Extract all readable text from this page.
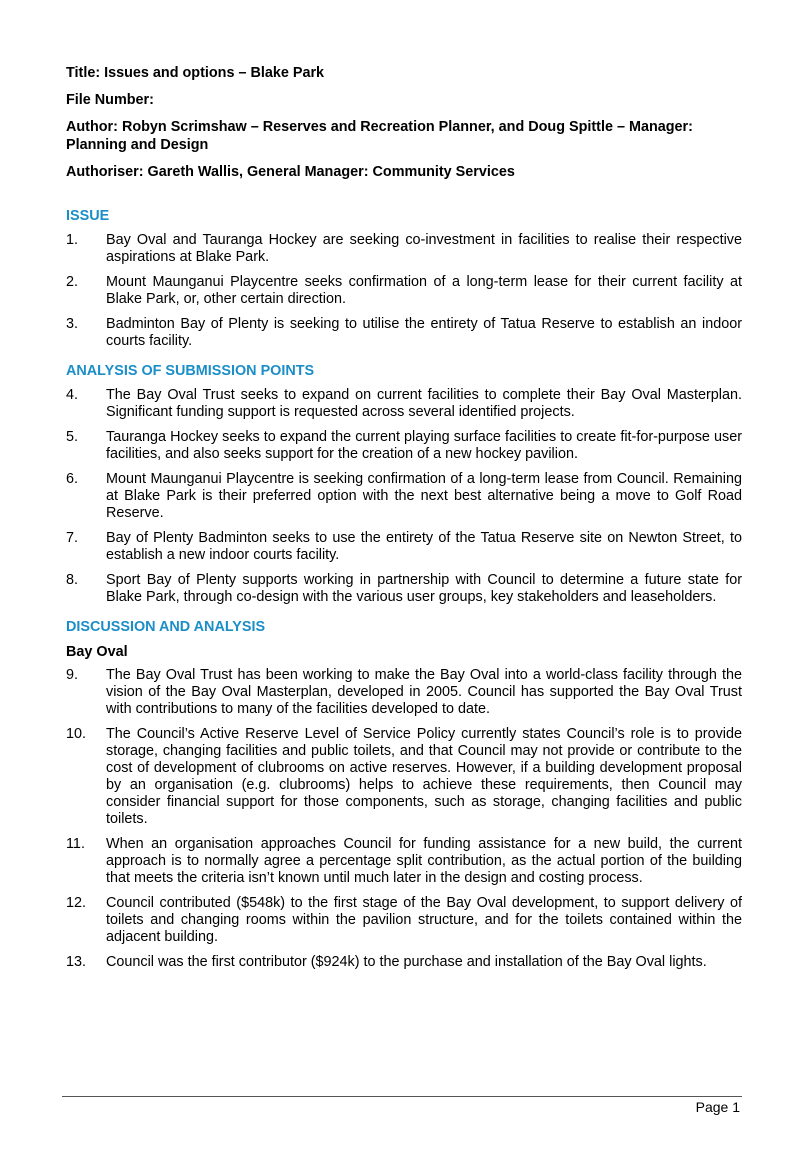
Title: Issues and options – Blake Park

File Number:

Author: Robyn Scrimshaw – Reserves and Recreation Planner, and Doug Spittle – Manager: Planning and Design

Authoriser: Gareth Wallis, General Manager: Community Services

ISSUE
1.	Bay Oval and Tauranga Hockey are seeking co-investment in facilities to realise their respective aspirations at Blake Park.
2.	Mount Maunganui Playcentre seeks confirmation of a long-term lease for their current facility at Blake Park, or, other certain direction.
3.	Badminton Bay of Plenty is seeking to utilise the entirety of Tatua Reserve to establish an indoor courts facility.
ANALYSIS OF SUBMISSION POINTS
4.	The Bay Oval Trust seeks to expand on current facilities to complete their Bay Oval Masterplan. Significant funding support is requested across several identified projects.
5.	Tauranga Hockey seeks to expand the current playing surface facilities to create fit-for-purpose user facilities, and also seeks support for the creation of a new hockey pavilion.
6.	Mount Maunganui Playcentre is seeking confirmation of a long-term lease from Council. Remaining at Blake Park is their preferred option with the next best alternative being a move to Golf Road Reserve.
7.	Bay of Plenty Badminton seeks to use the entirety of the Tatua Reserve site on Newton Street, to establish a new indoor courts facility.
8.	Sport Bay of Plenty supports working in partnership with Council to determine a future state for Blake Park, through co-design with the various user groups, key stakeholders and leaseholders.
DISCUSSION AND ANALYSIS
Bay Oval
9.	The Bay Oval Trust has been working to make the Bay Oval into a world-class facility through the vision of the Bay Oval Masterplan, developed in 2005. Council has supported the Bay Oval Trust with contributions to many of the facilities developed to date.
10.	The Council’s Active Reserve Level of Service Policy currently states Council’s role is to provide storage, changing facilities and public toilets, and that Council may not provide or contribute to the cost of development of clubrooms on active reserves. However, if a building development proposal by an organisation (e.g. clubrooms) helps to achieve these requirements, then Council may consider financial support for those components, such as storage, changing facilities and public toilets.
11.	When an organisation approaches Council for funding assistance for a new build, the current approach is to normally agree a percentage split contribution, as the actual portion of the building that meets the criteria isn’t known until much later in the design and costing process.
12.	Council contributed ($548k) to the first stage of the Bay Oval development, to support delivery of toilets and changing rooms within the pavilion structure, and for the toilets contained within the adjacent building.
13.	Council was the first contributor ($924k) to the purchase and installation of the Bay Oval lights.
Page 1
